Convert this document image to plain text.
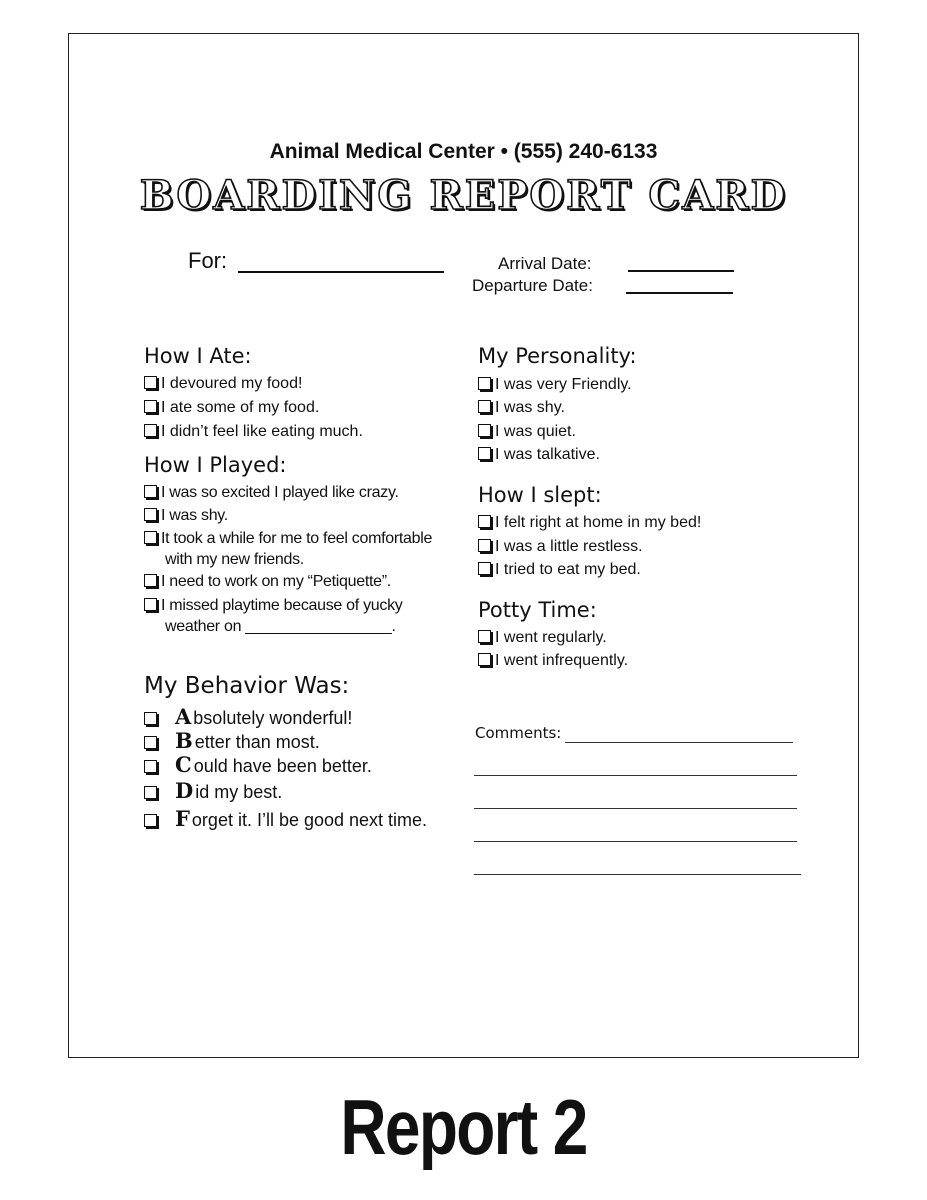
Animal Medical Center • (555) 240-6133
BOARDING REPORT CARD
For:	Arrival Date:
Departure Date:
How I Ate:
I devoured my food!
I ate some of my food.
I didn’t feel like eating much.
How I Played:
I was so excited I played like crazy.
I was shy.
It took a while for me to feel comfortable
with my new friends.
I need to work on my “Petiquette”.
I missed playtime because of yucky
weather on _________________.
My Behavior Was:
A bsolutely wonderful!
B etter than most.
C ould have been better.
D id my best.
F orget it. I’ll be good next time.
My Personality:
I was very Friendly.
I was shy.
I was quiet.
I was talkative.
How I slept:
I felt right at home in my bed!
I was a little restless.
I tried to eat my bed.
Potty Time:
I went regularly.
I went infrequently.
Comments:
Report 2
